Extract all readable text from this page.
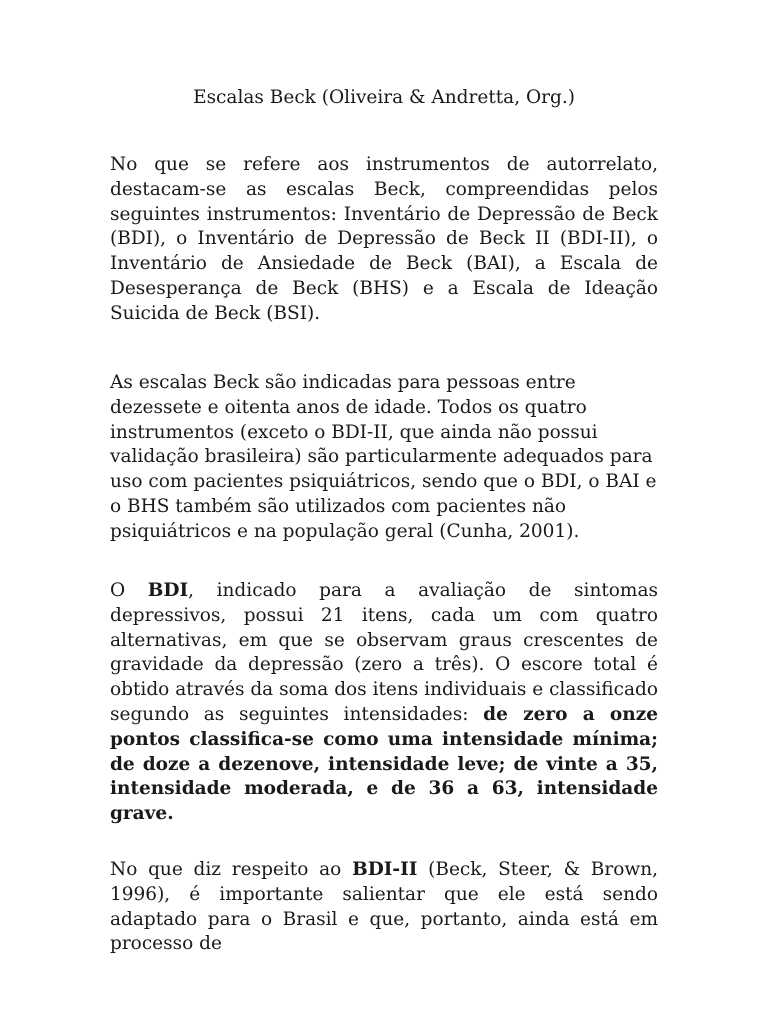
Escalas Beck (Oliveira & Andretta, Org.)

No que se refere aos instrumentos de autorrelato, destacam-se as escalas Beck, compreendidas pelos seguintes instrumentos: Inventário de Depressão de Beck (BDI), o Inventário de Depressão de Beck II (BDI-II), o Inventário de Ansiedade de Beck (BAI), a Escala de Desesperança de Beck (BHS) e a Escala de Ideação Suicida de Beck (BSI).

As escalas Beck são indicadas para pessoas entre dezessete e oitenta anos de idade. Todos os quatro instrumentos (exceto o BDI-II, que ainda não possui validação brasileira) são particularmente adequados para uso com pacientes psiquiátricos, sendo que o BDI, o BAI e o BHS também são utilizados com pacientes não psiquiátricos e na população geral (Cunha, 2001).

O BDI, indicado para a avaliação de sintomas depressivos, possui 21 itens, cada um com quatro alternativas, em que se observam graus crescentes de gravidade da depressão (zero a três). O escore total é obtido através da soma dos itens individuais e classificado segundo as seguintes intensidades: de zero a onze pontos classifica-se como uma intensidade mínima; de doze a dezenove, intensidade leve; de vinte a 35, intensidade moderada, e de 36 a 63, intensidade grave.

No que diz respeito ao BDI-II (Beck, Steer, & Brown, 1996), é importante salientar que ele está sendo adaptado para o Brasil e que, portanto, ainda está em processo de
